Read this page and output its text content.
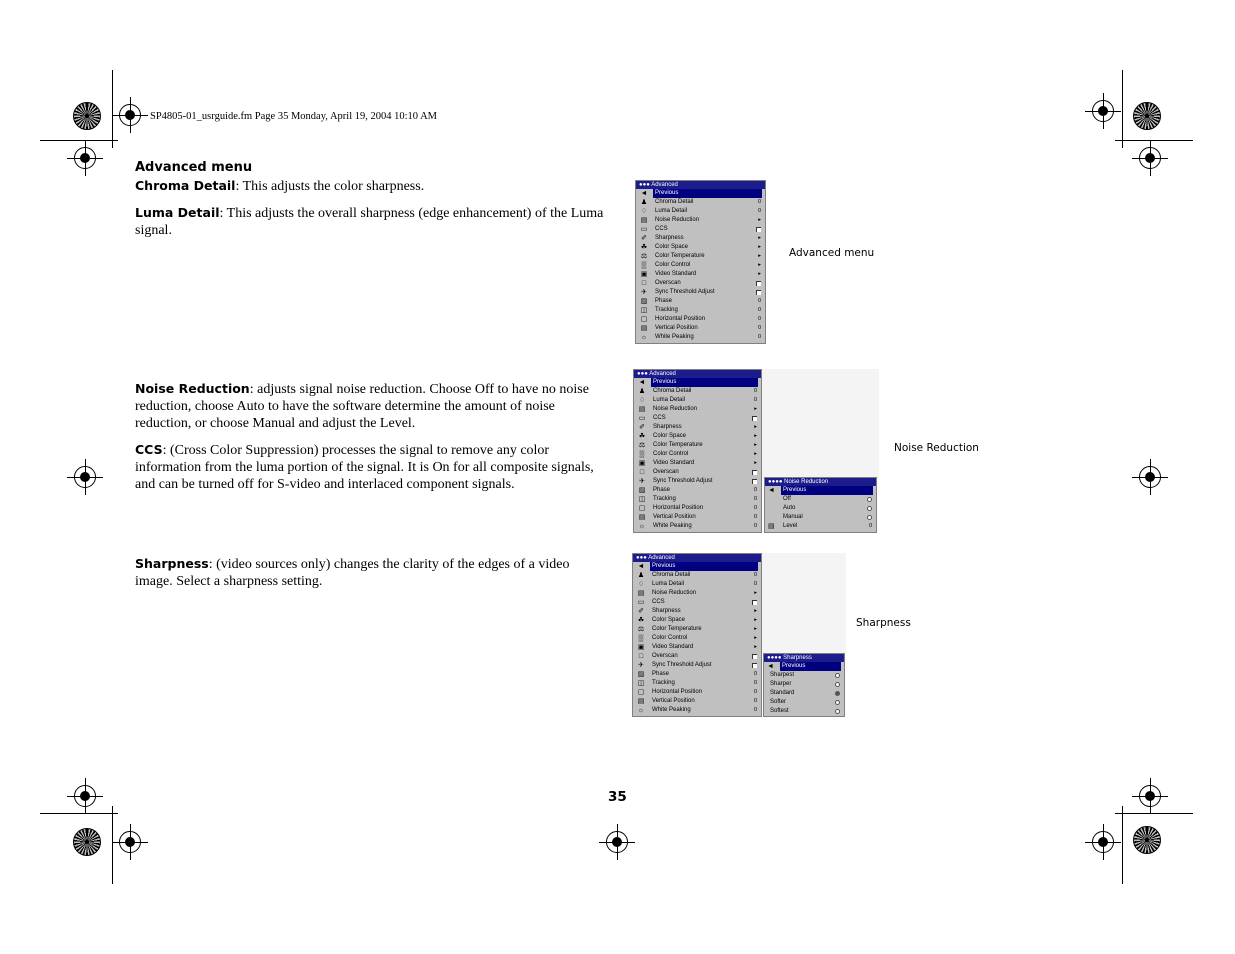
SP4805-01_usrguide.fm Page 35 Monday, April 19, 2004 10:10 AM
Advanced menu
Chroma Detail: This adjusts the color sharpness.
Luma Detail: This adjusts the overall sharpness (edge enhancement) of the Luma signal.
Noise Reduction: adjusts signal noise reduction. Choose Off to have no noise reduction, choose Auto to have the software determine the amount of noise reduction, or choose Manual and adjust the Level.
CCS: (Cross Color Suppression) processes the signal to remove any color information from the luma portion of the signal. It is On for all composite signals, and can be turned off for S-video and interlaced component signals.
Sharpness: (video sources only) changes the clarity of the edges of a video image. Select a sharpness setting.
●●● Advanced
◄	Previous
♟	Chroma Detail	0
♢	Luma Detail	0
▤	Noise Reduction	▸
▭	CCS
✐	Sharpness	▸
☘	Color Space	▸
⚖	Color Temperature	▸
▒	Color Control	▸
▣	Video Standard	▸
□	Overscan
✈	Sync Threshold Adjust
▨	Phase	0
◫	Tracking	0
▢	Horizontal Position	0
▤	Vertical Position	0
☼	White Peaking	0
Advanced menu
●●● Advanced
◄	Previous
♟	Chroma Detail	0
♢	Luma Detail	0
▤	Noise Reduction	▸
▭	CCS
✐	Sharpness	▸
☘	Color Space	▸
⚖	Color Temperature	▸
▒	Color Control	▸
▣	Video Standard	▸
□	Overscan
✈	Sync Threshold Adjust
▨	Phase	0
◫	Tracking	0
▢	Horizontal Position	0
▤	Vertical Position	0
☼	White Peaking	0
●●●● Noise Reduction
◄	Previous
Off
Auto
Manual
▤	Level	0
Noise Reduction
●●● Advanced
◄	Previous
♟	Chroma Detail	0
♢	Luma Detail	0
▤	Noise Reduction	▸
▭	CCS
✐	Sharpness	▸
☘	Color Space	▸
⚖	Color Temperature	▸
▒	Color Control	▸
▣	Video Standard	▸
□	Overscan
✈	Sync Threshold Adjust
▨	Phase	0
◫	Tracking	0
▢	Horizontal Position	0
▤	Vertical Position	0
☼	White Peaking	0
●●●● Sharpness
◄	Previous
Sharpest
Sharper
Standard
Softer
Softest
Sharpness
35
